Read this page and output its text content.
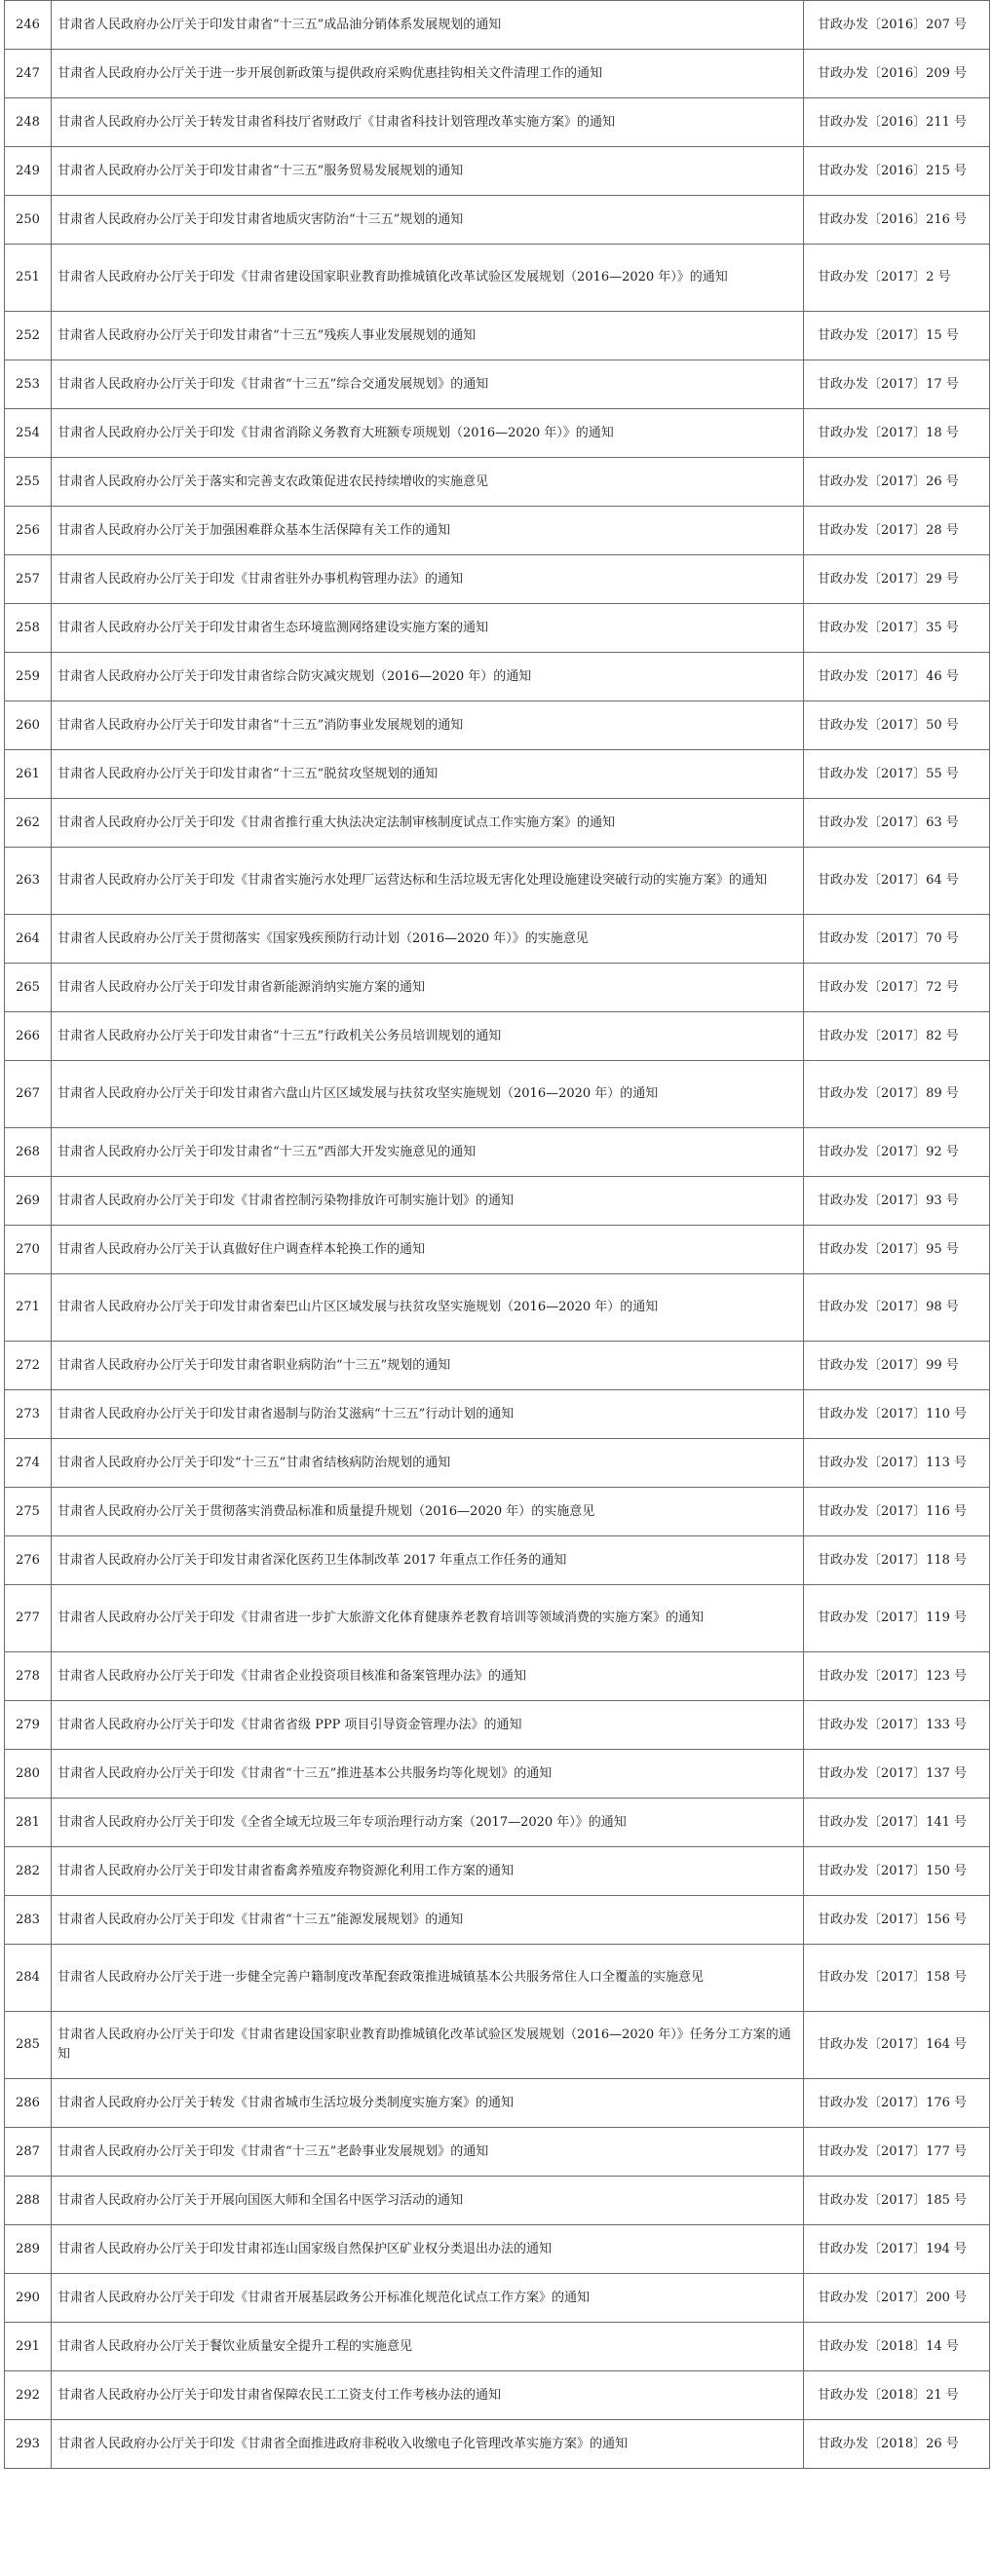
246	甘肃省人民政府办公厅关于印发甘肃省“十三五”成品油分销体系发展规划的通知	甘政办发〔2016〕207 号
247	甘肃省人民政府办公厅关于进一步开展创新政策与提供政府采购优惠挂钩相关文件清理工作的通知	甘政办发〔2016〕209 号
248	甘肃省人民政府办公厅关于转发甘肃省科技厅省财政厅《甘肃省科技计划管理改革实施方案》的通知	甘政办发〔2016〕211 号
249	甘肃省人民政府办公厅关于印发甘肃省“十三五”服务贸易发展规划的通知	甘政办发〔2016〕215 号
250	甘肃省人民政府办公厅关于印发甘肃省地质灾害防治“十三五”规划的通知	甘政办发〔2016〕216 号
251	甘肃省人民政府办公厅关于印发《甘肃省建设国家职业教育助推城镇化改革试验区发展规划（2016—2020 年）》的通知	甘政办发〔2017〕2 号
252	甘肃省人民政府办公厅关于印发甘肃省“十三五”残疾人事业发展规划的通知	甘政办发〔2017〕15 号
253	甘肃省人民政府办公厅关于印发《甘肃省“十三五”综合交通发展规划》的通知	甘政办发〔2017〕17 号
254	甘肃省人民政府办公厅关于印发《甘肃省消除义务教育大班额专项规划（2016—2020 年）》的通知	甘政办发〔2017〕18 号
255	甘肃省人民政府办公厅关于落实和完善支农政策促进农民持续增收的实施意见	甘政办发〔2017〕26 号
256	甘肃省人民政府办公厅关于加强困难群众基本生活保障有关工作的通知	甘政办发〔2017〕28 号
257	甘肃省人民政府办公厅关于印发《甘肃省驻外办事机构管理办法》的通知	甘政办发〔2017〕29 号
258	甘肃省人民政府办公厅关于印发甘肃省生态环境监测网络建设实施方案的通知	甘政办发〔2017〕35 号
259	甘肃省人民政府办公厅关于印发甘肃省综合防灾减灾规划（2016—2020 年）的通知	甘政办发〔2017〕46 号
260	甘肃省人民政府办公厅关于印发甘肃省“十三五”消防事业发展规划的通知	甘政办发〔2017〕50 号
261	甘肃省人民政府办公厅关于印发甘肃省“十三五”脱贫攻坚规划的通知	甘政办发〔2017〕55 号
262	甘肃省人民政府办公厅关于印发《甘肃省推行重大执法决定法制审核制度试点工作实施方案》的通知	甘政办发〔2017〕63 号
263	甘肃省人民政府办公厅关于印发《甘肃省实施污水处理厂运营达标和生活垃圾无害化处理设施建设突破行动的实施方案》的通知	甘政办发〔2017〕64 号
264	甘肃省人民政府办公厅关于贯彻落实《国家残疾预防行动计划（2016—2020 年）》的实施意见	甘政办发〔2017〕70 号
265	甘肃省人民政府办公厅关于印发甘肃省新能源消纳实施方案的通知	甘政办发〔2017〕72 号
266	甘肃省人民政府办公厅关于印发甘肃省“十三五”行政机关公务员培训规划的通知	甘政办发〔2017〕82 号
267	甘肃省人民政府办公厅关于印发甘肃省六盘山片区区域发展与扶贫攻坚实施规划（2016—2020 年）的通知	甘政办发〔2017〕89 号
268	甘肃省人民政府办公厅关于印发甘肃省“十三五”西部大开发实施意见的通知	甘政办发〔2017〕92 号
269	甘肃省人民政府办公厅关于印发《甘肃省控制污染物排放许可制实施计划》的通知	甘政办发〔2017〕93 号
270	甘肃省人民政府办公厅关于认真做好住户调查样本轮换工作的通知	甘政办发〔2017〕95 号
271	甘肃省人民政府办公厅关于印发甘肃省秦巴山片区区域发展与扶贫攻坚实施规划（2016—2020 年）的通知	甘政办发〔2017〕98 号
272	甘肃省人民政府办公厅关于印发甘肃省职业病防治“十三五”规划的通知	甘政办发〔2017〕99 号
273	甘肃省人民政府办公厅关于印发甘肃省遏制与防治艾滋病“十三五”行动计划的通知	甘政办发〔2017〕110 号
274	甘肃省人民政府办公厅关于印发“十三五”甘肃省结核病防治规划的通知	甘政办发〔2017〕113 号
275	甘肃省人民政府办公厅关于贯彻落实消费品标准和质量提升规划（2016—2020 年）的实施意见	甘政办发〔2017〕116 号
276	甘肃省人民政府办公厅关于印发甘肃省深化医药卫生体制改革 2017 年重点工作任务的通知	甘政办发〔2017〕118 号
277	甘肃省人民政府办公厅关于印发《甘肃省进一步扩大旅游文化体育健康养老教育培训等领域消费的实施方案》的通知	甘政办发〔2017〕119 号
278	甘肃省人民政府办公厅关于印发《甘肃省企业投资项目核准和备案管理办法》的通知	甘政办发〔2017〕123 号
279	甘肃省人民政府办公厅关于印发《甘肃省省级 PPP 项目引导资金管理办法》的通知	甘政办发〔2017〕133 号
280	甘肃省人民政府办公厅关于印发《甘肃省“十三五”推进基本公共服务均等化规划》的通知	甘政办发〔2017〕137 号
281	甘肃省人民政府办公厅关于印发《全省全域无垃圾三年专项治理行动方案（2017—2020 年）》的通知	甘政办发〔2017〕141 号
282	甘肃省人民政府办公厅关于印发甘肃省畜禽养殖废弃物资源化利用工作方案的通知	甘政办发〔2017〕150 号
283	甘肃省人民政府办公厅关于印发《甘肃省“十三五”能源发展规划》的通知	甘政办发〔2017〕156 号
284	甘肃省人民政府办公厅关于进一步健全完善户籍制度改革配套政策推进城镇基本公共服务常住人口全覆盖的实施意见	甘政办发〔2017〕158 号
285	甘肃省人民政府办公厅关于印发《甘肃省建设国家职业教育助推城镇化改革试验区发展规划（2016—2020 年）》任务分工方案的通知	甘政办发〔2017〕164 号
286	甘肃省人民政府办公厅关于转发《甘肃省城市生活垃圾分类制度实施方案》的通知	甘政办发〔2017〕176 号
287	甘肃省人民政府办公厅关于印发《甘肃省“十三五”老龄事业发展规划》的通知	甘政办发〔2017〕177 号
288	甘肃省人民政府办公厅关于开展向国医大师和全国名中医学习活动的通知	甘政办发〔2017〕185 号
289	甘肃省人民政府办公厅关于印发甘肃祁连山国家级自然保护区矿业权分类退出办法的通知	甘政办发〔2017〕194 号
290	甘肃省人民政府办公厅关于印发《甘肃省开展基层政务公开标准化规范化试点工作方案》的通知	甘政办发〔2017〕200 号
291	甘肃省人民政府办公厅关于餐饮业质量安全提升工程的实施意见	甘政办发〔2018〕14 号
292	甘肃省人民政府办公厅关于印发甘肃省保障农民工工资支付工作考核办法的通知	甘政办发〔2018〕21 号
293	甘肃省人民政府办公厅关于印发《甘肃省全面推进政府非税收入收缴电子化管理改革实施方案》的通知	甘政办发〔2018〕26 号
